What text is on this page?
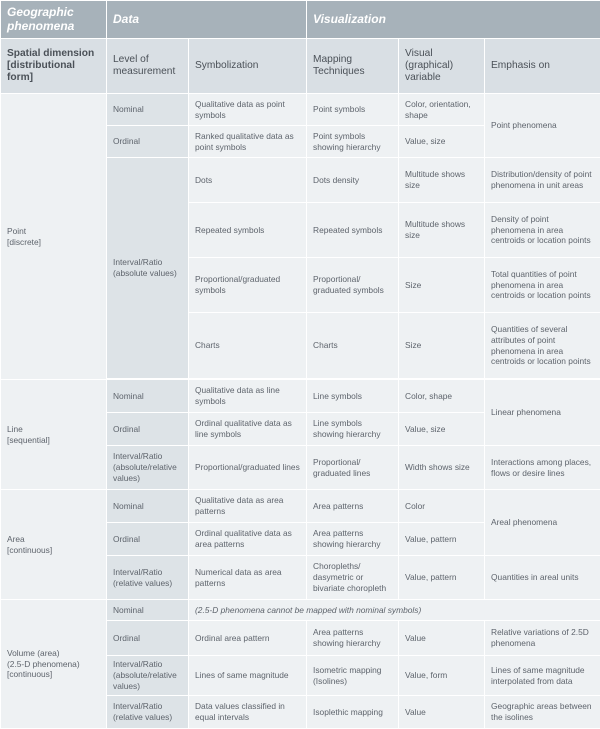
Geographic phenomena	Data		Visualization		
Spatial dimension [distributional form]	Level of measurement	Symbolization	Mapping Techniques	Visual (graphical) variable	Emphasis on
Point
[discrete]	Nominal	Qualitative data as point symbols	Point symbols	Color, orientation, shape	Point phenomena
	Ordinal	Ranked qualitative data as point symbols	Point symbols showing hierarchy	Value, size	
	Interval/Ratio (absolute values)	Dots	Dots density	Multitude shows size	Distribution/density of point phenomena in unit areas
		Repeated symbols	Repeated symbols	Multitude shows size	Density of point phenomena in area centroids or location points
		Proportional/graduated symbols	Proportional/ graduated symbols	Size	Total quantities of point phenomena in area centroids or location points
		Charts	Charts	Size	Quantities of several attributes of point phenomena in area centroids or location points

Line
[sequential]	Nominal	Qualitative data as line symbols	Line symbols	Color, shape	Linear phenomena
	Ordinal	Ordinal qualitative data as line symbols	Line symbols showing hierarchy	Value, size	
	Interval/Ratio (absolute/relative values)	Proportional/graduated lines	Proportional/ graduated lines	Width shows size	Interactions among places, flows or desire lines
Area
[continuous]	Nominal	Qualitative data as area patterns	Area patterns	Color	Areal phenomena
	Ordinal	Ordinal qualitative data as area patterns	Area patterns showing hierarchy	Value, pattern	
	Interval/Ratio (relative values)	Numerical data as area patterns	Choropleths/ dasymetric or bivariate choropleth	Value, pattern	Quantities in areal units
Volume (area)
(2.5-D phenomena)
[continuous]	Nominal	(2.5-D phenomena cannot be mapped with nominal symbols)			
	Ordinal	Ordinal area pattern	Area patterns showing hierarchy	Value	Relative variations of 2.5D phenomena
	Interval/Ratio (absolute/relative values)	Lines of same magnitude	Isometric mapping (Isolines)	Value, form	Lines of same magnitude interpolated from data
	Interval/Ratio (relative values)	Data values classified in equal intervals	Isoplethic mapping	Value	Geographic areas between the isolines
